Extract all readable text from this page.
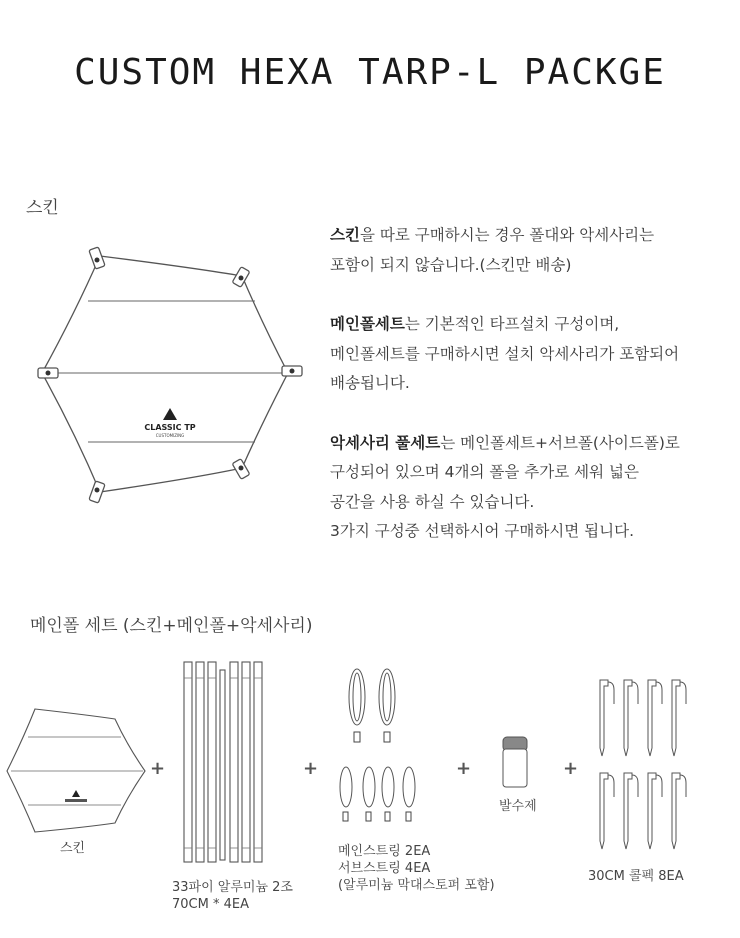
CUSTOM HEXA TARP-L PACKGE
스킨
CLASSIC TP
CUSTOMIZING

스킨을 따로 구매하시는 경우 폴대와 악세사리는
포함이 되지 않습니다.(스킨만 배송)

메인폴세트는 기본적인 타프설치 구성이며,
메인폴세트를 구매하시면 설치 악세사리가 포함되어
배송됩니다.

악세사리 풀세트는 메인폴세트+서브폴(사이드폴)로
구성되어 있으며 4개의 폴을 추가로 세워 넓은
공간을 사용 하실 수 있습니다.
3가지 구성중 선택하시어 구매하시면 됩니다.

메인폴 세트 (스킨+메인폴+악세사리)
스킨
+
33파이 알루미늄 2조
70CM * 4EA
+
메인스트링 2EA
서브스트링 4EA
(알루미늄 막대스토퍼 포함)
+
발수제
+
30CM 콜펙 8EA
